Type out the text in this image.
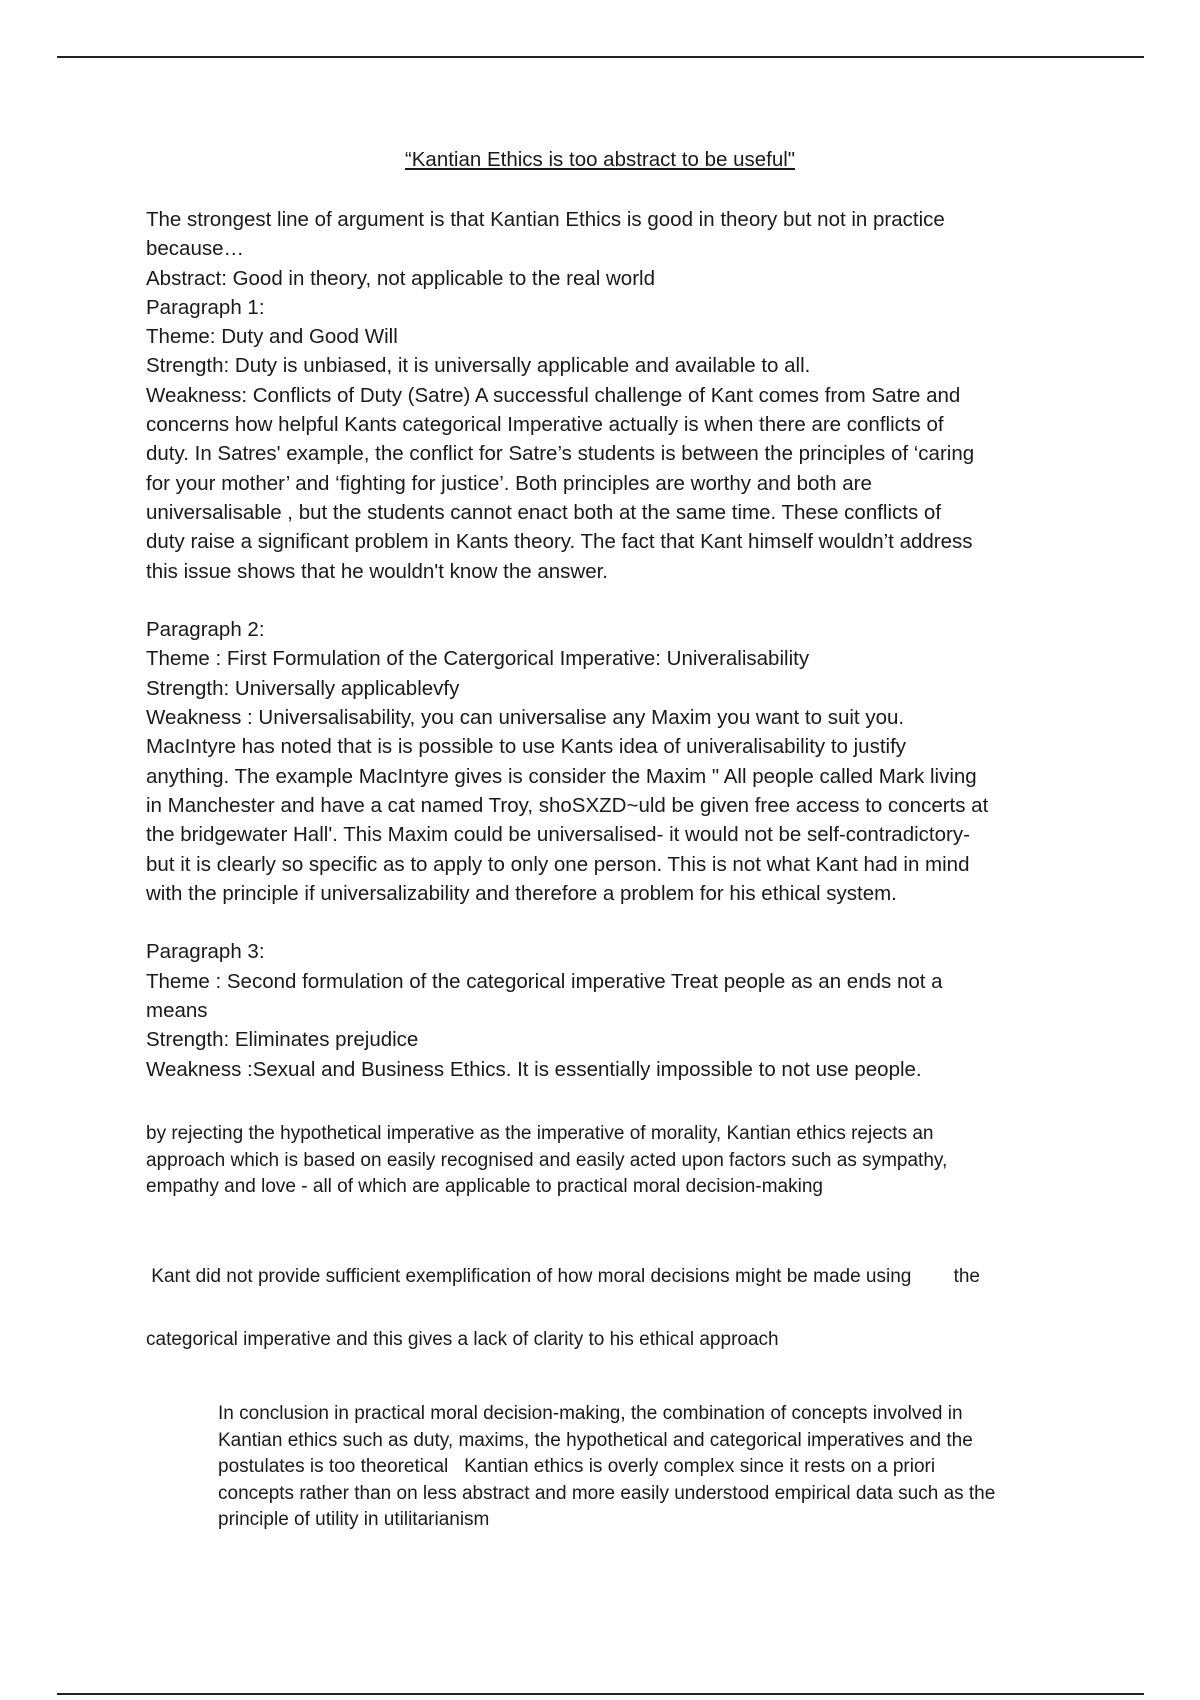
“Kantian Ethics is too abstract to be useful"
The strongest line of argument is that Kantian Ethics is good in theory but not in practice
because…
Abstract: Good in theory, not applicable to the real world
Paragraph 1:
Theme: Duty and Good Will
Strength: Duty is unbiased, it is universally applicable and available to all.
Weakness: Conflicts of Duty (Satre) A successful challenge of Kant comes from Satre and
concerns how helpful Kants categorical Imperative actually is when there are conflicts of
duty. In Satres' example, the conflict for Satre’s students is between the principles of ‘caring
for your mother’ and ‘fighting for justice’. Both principles are worthy and both are
universalisable , but the students cannot enact both at the same time. These conflicts of
duty raise a significant problem in Kants theory. The fact that Kant himself wouldn’t address
this issue shows that he wouldn't know the answer.
Paragraph 2:
Theme : First Formulation of the Catergorical Imperative: Univeralisability
Strength: Universally applicablevfy
Weakness : Universalisability, you can universalise any Maxim you want to suit you.
MacIntyre has noted that is is possible to use Kants idea of univeralisability to justify
anything. The example MacIntyre gives is consider the Maxim " All people called Mark living
in Manchester and have a cat named Troy, shoSXZD~uld be given free access to concerts at
the bridgewater Hall'. This Maxim could be universalised- it would not be self-contradictory-
but it is clearly so specific as to apply to only one person. This is not what Kant had in mind
with the principle if universalizability and therefore a problem for his ethical system.
Paragraph 3:
Theme : Second formulation of the categorical imperative Treat people as an ends not a
means
Strength: Eliminates prejudice
Weakness :Sexual and Business Ethics. It is essentially impossible to not use people.
by rejecting the hypothetical imperative as the imperative of morality, Kantian ethics rejects an
approach which is based on easily recognised and easily acted upon factors such as sympathy,
empathy and love - all of which are applicable to practical moral decision-making

Kant did not provide sufficient exemplification of how moral decisions might be made using        the

categorical imperative and this gives a lack of clarity to his ethical approach

In conclusion in practical moral decision-making, the combination of concepts involved in
Kantian ethics such as duty, maxims, the hypothetical and categorical imperatives and the
postulates is too theoretical   Kantian ethics is overly complex since it rests on a priori
concepts rather than on less abstract and more easily understood empirical data such as the
principle of utility in utilitarianism
